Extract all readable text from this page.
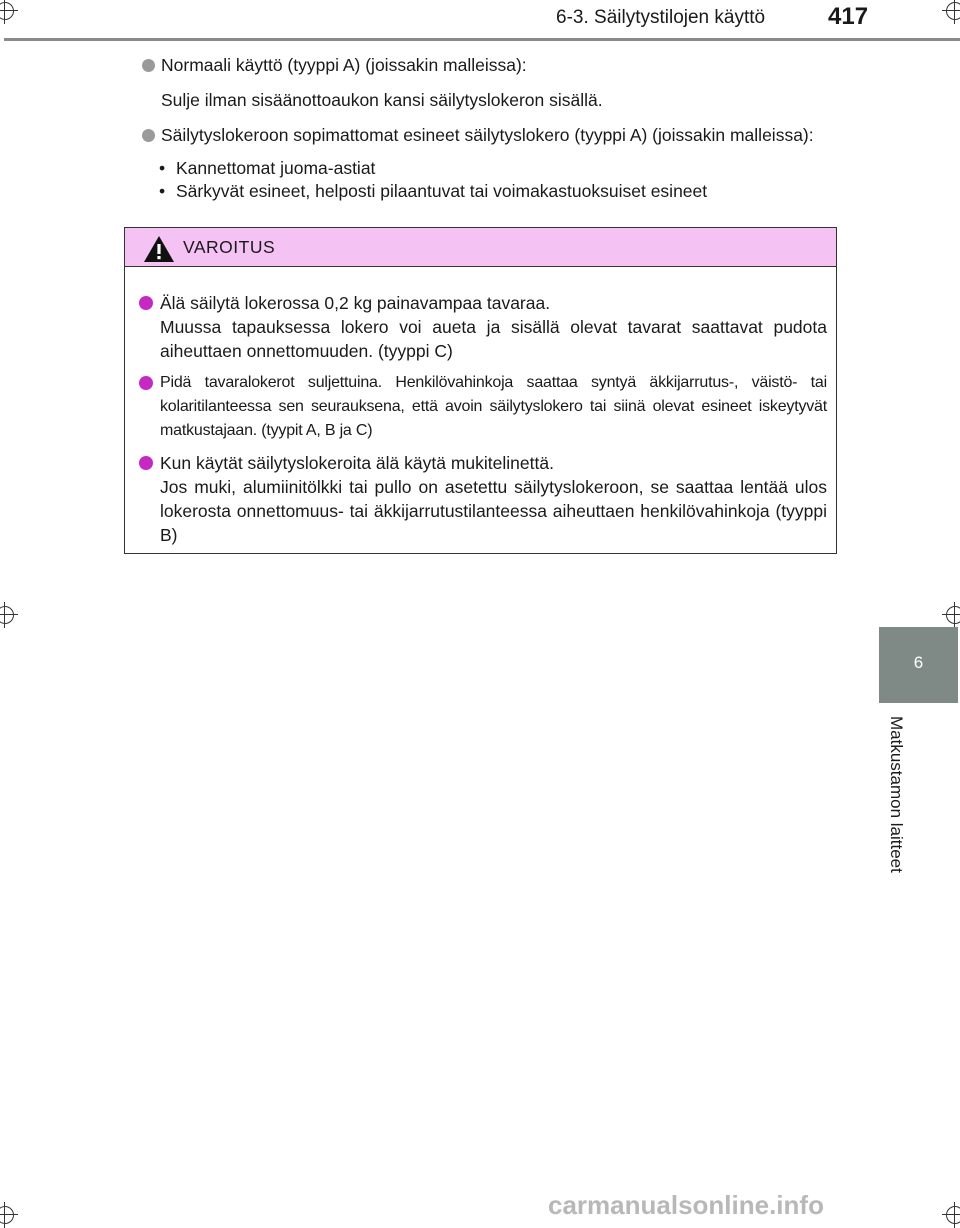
6-3. Säilytystilojen käyttö	417
Normaali käyttö (tyyppi A) (joissakin malleissa):
Sulje ilman sisäänottoaukon kansi säilytyslokeron sisällä.
Säilytyslokeroon sopimattomat esineet säilytyslokero (tyyppi A) (joissakin malleissa):
• Kannettomat juoma-astiat
• Särkyvät esineet, helposti pilaantuvat tai voimakastuoksuiset esineet
VAROITUS
Älä säilytä lokerossa 0,2 kg painavampaa tavaraa.
Muussa tapauksessa lokero voi aueta ja sisällä olevat tavarat saattavat pudota aiheuttaen onnettomuuden. (tyyppi C)
Pidä tavaralokerot suljettuina. Henkilövahinkoja saattaa syntyä äkkijarrutus-, väistö- tai kolaritilanteessa sen seurauksena, että avoin säilytyslokero tai siinä olevat esineet iskeytyvät matkustajaan. (tyypit A, B ja C)
Kun käytät säilytyslokeroita älä käytä mukitelinettä.
Jos muki, alumiinitölkki tai pullo on asetettu säilytyslokeroon, se saattaa lentää ulos lokerosta onnettomuus- tai äkkijarrutustilanteessa aiheuttaen henkilövahinkoja (tyyppi B)
6
Matkustamon laitteet
carmanualsonline.info
